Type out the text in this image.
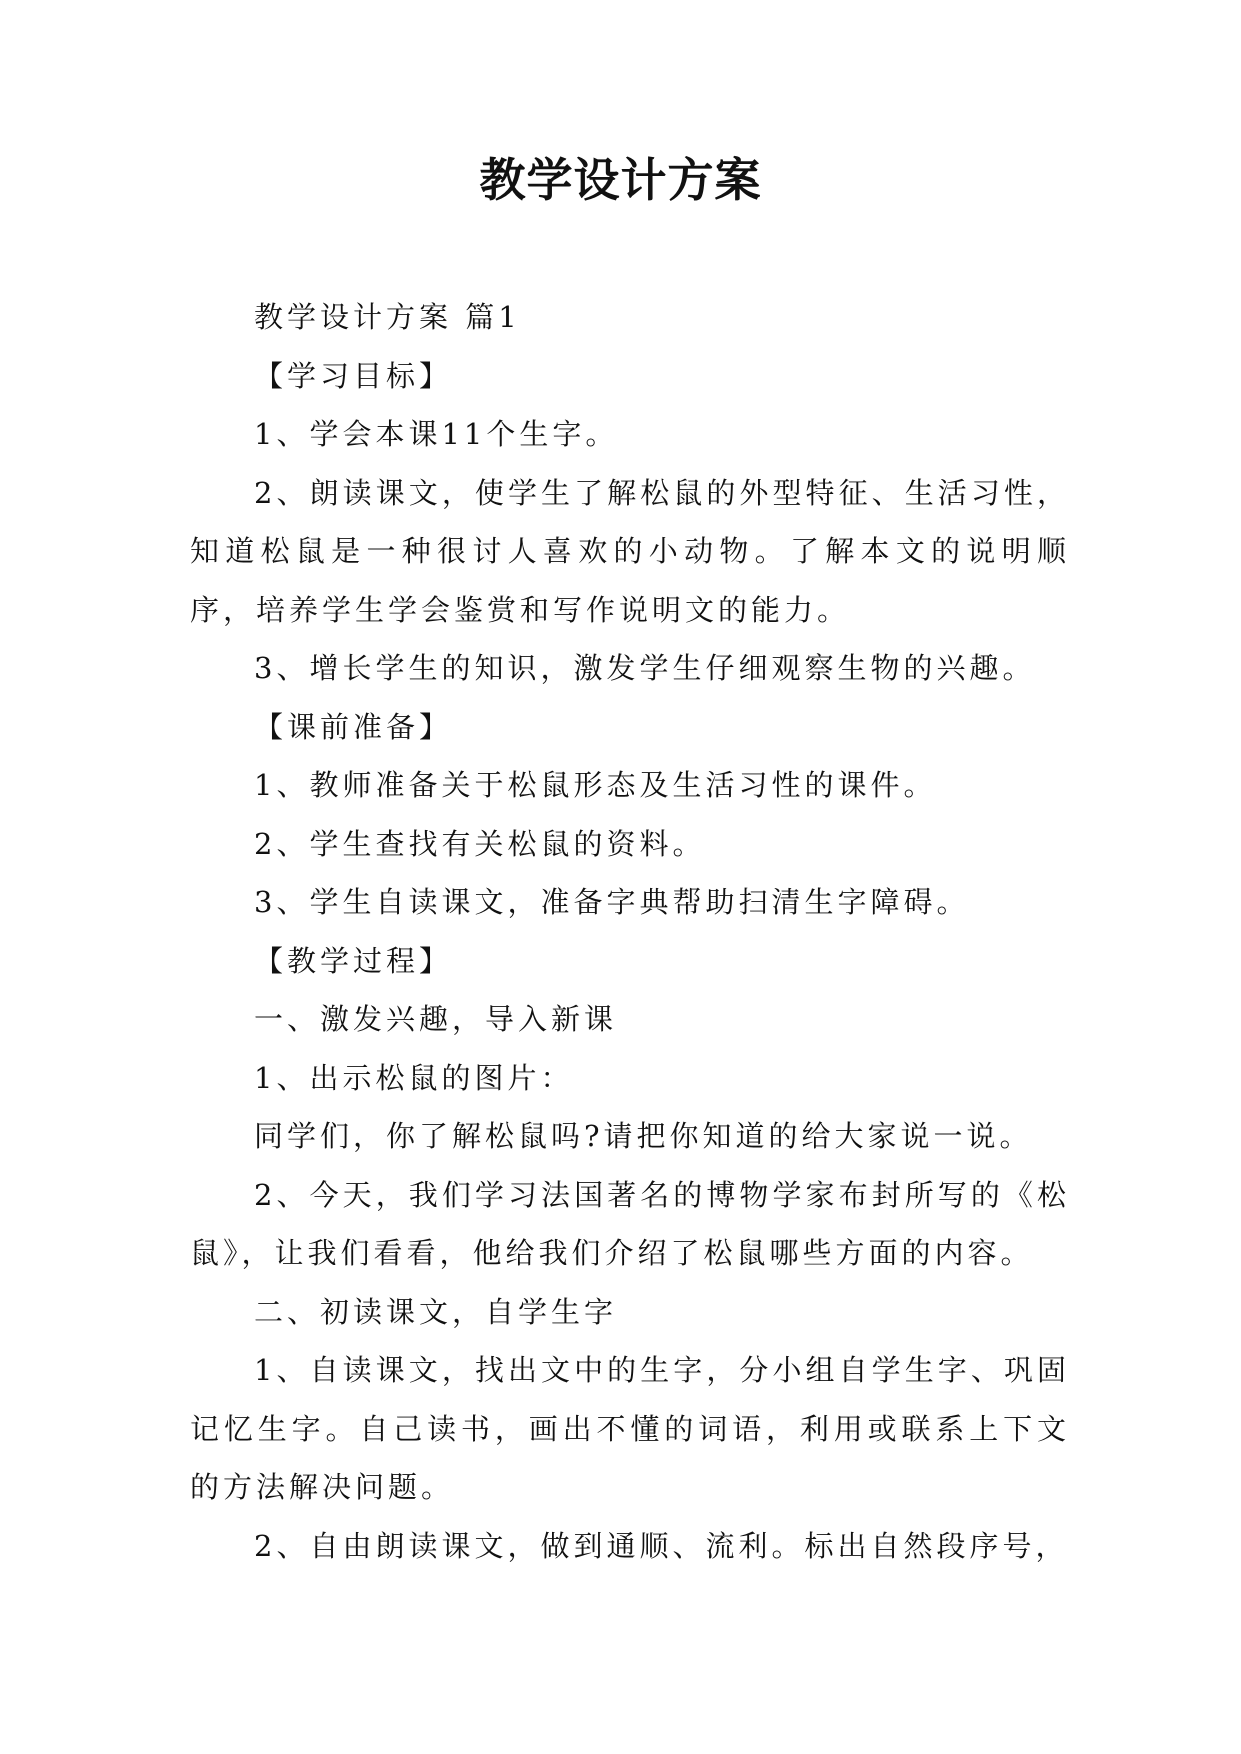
教学设计方案

教学设计方案 篇1

【学习目标】

1、学会本课11个生字。

2、朗读课文，使学生了解松鼠的外型特征、生活习性，知道松鼠是一种很讨人喜欢的小动物。了解本文的说明顺序，培养学生学会鉴赏和写作说明文的能力。

3、增长学生的知识，激发学生仔细观察生物的兴趣。

【课前准备】

1、教师准备关于松鼠形态及生活习性的课件。

2、学生查找有关松鼠的资料。

3、学生自读课文，准备字典帮助扫清生字障碍。

【教学过程】

一、激发兴趣，导入新课

1、出示松鼠的图片：

同学们，你了解松鼠吗?请把你知道的给大家说一说。

2、今天，我们学习法国著名的博物学家布封所写的《松鼠》，让我们看看，他给我们介绍了松鼠哪些方面的内容。

二、初读课文，自学生字

1、自读课文，找出文中的生字，分小组自学生字、巩固记忆生字。自己读书，画出不懂的词语，利用或联系上下文的方法解决问题。

2、自由朗读课文，做到通顺、流利。标出自然段序号，
